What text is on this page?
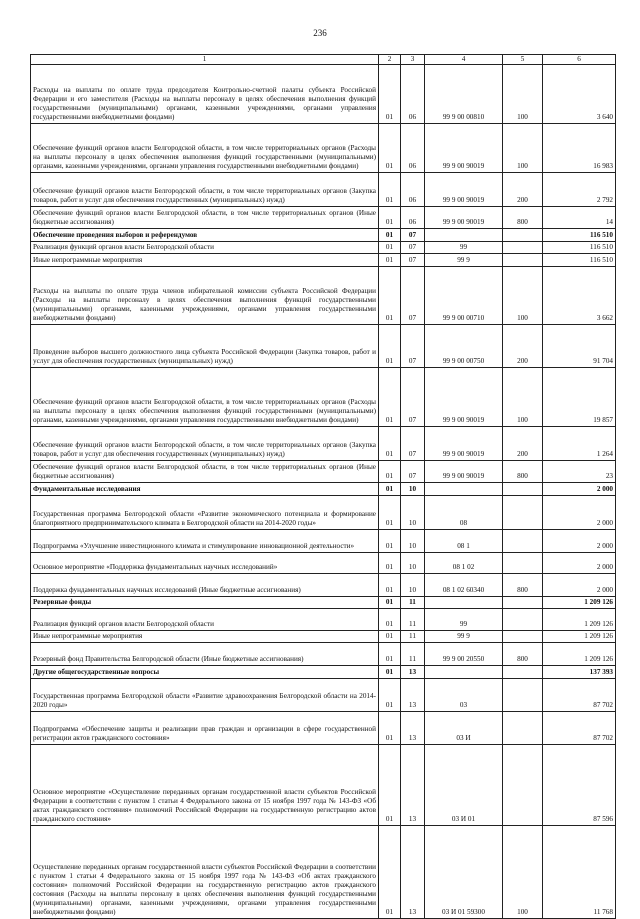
236
1	2	3	4	5	6
Расходы на выплаты по оплате труда председателя Контрольно-счетной палаты субъекта Российской Федерации и его заместителя (Расходы на выплаты персоналу в целях обеспечения выполнения функций государственными (муниципальными) органами, казенными учреждениями, органами управления государственными внебюджетными фондами)	01	06	99 9 00 00810	100	3 640
Обеспечение функций органов власти Белгородской области, в том числе территориальных органов (Расходы на выплаты персоналу в целях обеспечения выполнения функций государственными (муниципальными) органами, казенными учреждениями, органами управления государственными внебюджетными фондами)	01	06	99 9 00 90019	100	16 983
Обеспечение функций органов власти Белгородской области, в том числе территориальных органов (Закупка товаров, работ и услуг для обеспечения государственных (муниципальных) нужд)	01	06	99 9 00 90019	200	2 792
Обеспечение функций органов власти Белгородской области, в том числе территориальных органов (Иные бюджетные ассигнования)	01	06	99 9 00 90019	800	14
Обеспечение проведения выборов и референдумов	01	07			116 510
Реализация функций органов власти Белгородской области	01	07	99		116 510
Иные непрограммные мероприятия	01	07	99 9		116 510
Расходы на выплаты по оплате труда членов избирательной комиссии субъекта Российской Федерации (Расходы на выплаты персоналу в целях обеспечения выполнения функций государственными (муниципальными) органами, казенными учреждениями, органами управления государственными внебюджетными фондами)	01	07	99 9 00 00710	100	3 662
Проведение выборов высшего должностного лица субъекта Российской Федерации (Закупка товаров, работ и услуг для обеспечения государственных (муниципальных) нужд)	01	07	99 9 00 00750	200	91 704
Обеспечение функций органов власти Белгородской области, в том числе территориальных органов (Расходы на выплаты персоналу в целях обеспечения выполнения функций государственными (муниципальными) органами, казенными учреждениями, органами управления государственными внебюджетными фондами)	01	07	99 9 00 90019	100	19 857
Обеспечение функций органов власти Белгородской области, в том числе территориальных органов (Закупка товаров, работ и услуг для обеспечения государственных (муниципальных) нужд)	01	07	99 9 00 90019	200	1 264
Обеспечение функций органов власти Белгородской области, в том числе территориальных органов (Иные бюджетные ассигнования)	01	07	99 9 00 90019	800	23
Фундаментальные исследования	01	10			2 000
Государственная программа Белгородской области «Развитие экономического потенциала и формирование благоприятного предпринимательского климата в Белгородской области на 2014-2020 годы»	01	10	08		2 000
Подпрограмма «Улучшение инвестиционного климата и стимулирование инновационной деятельности»	01	10	08 1		2 000
Основное мероприятие «Поддержка фундаментальных научных исследований»	01	10	08 1 02		2 000
Поддержка фундаментальных научных исследований (Иные бюджетные ассигнования)	01	10	08 1 02 60340	800	2 000
Резервные фонды	01	11			1 209 126
Реализация функций органов власти Белгородской области	01	11	99		1 209 126
Иные непрограммные мероприятия	01	11	99 9		1 209 126
Резервный фонд Правительства Белгородской области (Иные бюджетные ассигнования)	01	11	99 9 00 20550	800	1 209 126
Другие общегосударственные вопросы	01	13			137 393
Государственная программа Белгородской области «Развитие здравоохранения Белгородской области на 2014-2020 годы»	01	13	03		87 702
Подпрограмма «Обеспечение защиты и реализации прав граждан и организации в сфере государственной регистрации актов гражданского состояния»	01	13	03 И		87 702
Основное мероприятие «Осуществление переданных органам государственной власти субъектов Российской Федерации в соответствии с пунктом 1 статьи 4 Федерального закона от 15 ноября 1997 года № 143-ФЗ «Об актах гражданского состояния» полномочий Российской Федерации на государственную регистрацию актов гражданского состояния»	01	13	03 И 01		87 596
Осуществление переданных органам государственной власти субъектов Российской Федерации в соответствии с пунктом 1 статьи 4 Федерального закона от 15 ноября 1997 года № 143-ФЗ «Об актах гражданского состояния» полномочий Российской Федерации на государственную регистрацию актов гражданского состояния (Расходы на выплаты персоналу в целях обеспечения выполнения функций государственными (муниципальными) органами, казенными учреждениями, органами управления государственными внебюджетными фондами)	01	13	03 И 01 59300	100	11 768
